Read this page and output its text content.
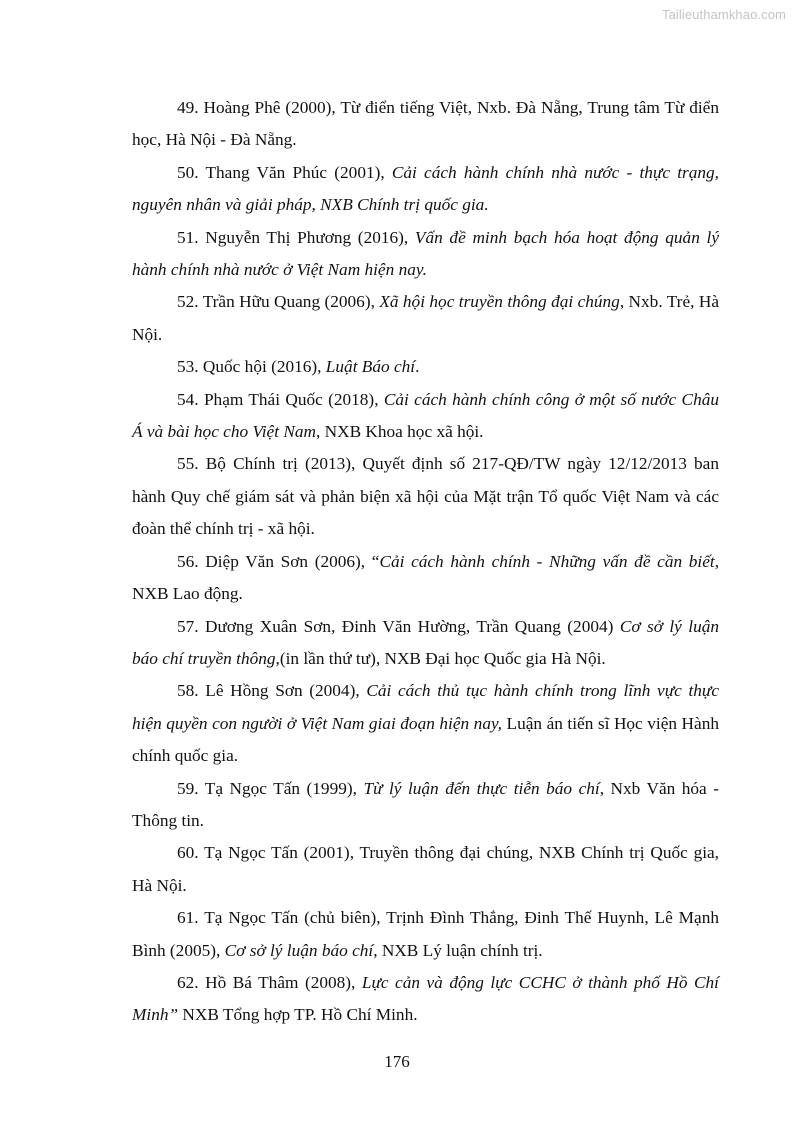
Tailieuthamkhao.com
49. Hoàng Phê (2000), Từ điển tiếng Việt, Nxb. Đà Nẵng, Trung tâm Từ điển học, Hà Nội - Đà Nẵng.
50. Thang Văn Phúc (2001), Cải cách hành chính nhà nước - thực trạng, nguyên nhân và giải pháp, NXB Chính trị quốc gia.
51. Nguyễn Thị Phương (2016), Vấn đề minh bạch hóa hoạt động quản lý hành chính nhà nước ở Việt Nam hiện nay.
52. Trần Hữu Quang (2006), Xã hội học truyền thông đại chúng, Nxb. Trẻ, Hà Nội.
53. Quốc hội (2016), Luật Báo chí.
54. Phạm Thái Quốc (2018), Cải cách hành chính công ở một số nước Châu Á và bài học cho Việt Nam, NXB Khoa học xã hội.
55. Bộ Chính trị (2013), Quyết định số 217-QĐ/TW ngày 12/12/2013 ban hành Quy chế giám sát và phản biện xã hội của Mặt trận Tổ quốc Việt Nam và các đoàn thể chính trị - xã hội.
56. Diệp Văn Sơn (2006), “Cải cách hành chính - Những vấn đề cần biết, NXB Lao động.
57. Dương Xuân Sơn, Đinh Văn Hường, Trần Quang (2004) Cơ sở lý luận báo chí truyền thông,(in lần thứ tư), NXB Đại học Quốc gia Hà Nội.
58. Lê Hồng Sơn (2004), Cải cách thủ tục hành chính trong lĩnh vực thực hiện quyền con người ở Việt Nam giai đoạn hiện nay, Luận án tiến sĩ Học viện Hành chính quốc gia.
59. Tạ Ngọc Tấn (1999), Từ lý luận đến thực tiễn báo chí, Nxb Văn hóa - Thông tin.
60. Tạ Ngọc Tấn (2001), Truyền thông đại chúng, NXB Chính trị Quốc gia, Hà Nội.
61. Tạ Ngọc Tấn (chủ biên), Trịnh Đình Thắng, Đinh Thế Huynh, Lê Mạnh Bình (2005), Cơ sở lý luận báo chí, NXB Lý luận chính trị.
62. Hồ Bá Thâm (2008), Lực cản và động lực CCHC ở thành phố Hồ Chí Minh” NXB Tổng hợp TP. Hồ Chí Minh.
176
